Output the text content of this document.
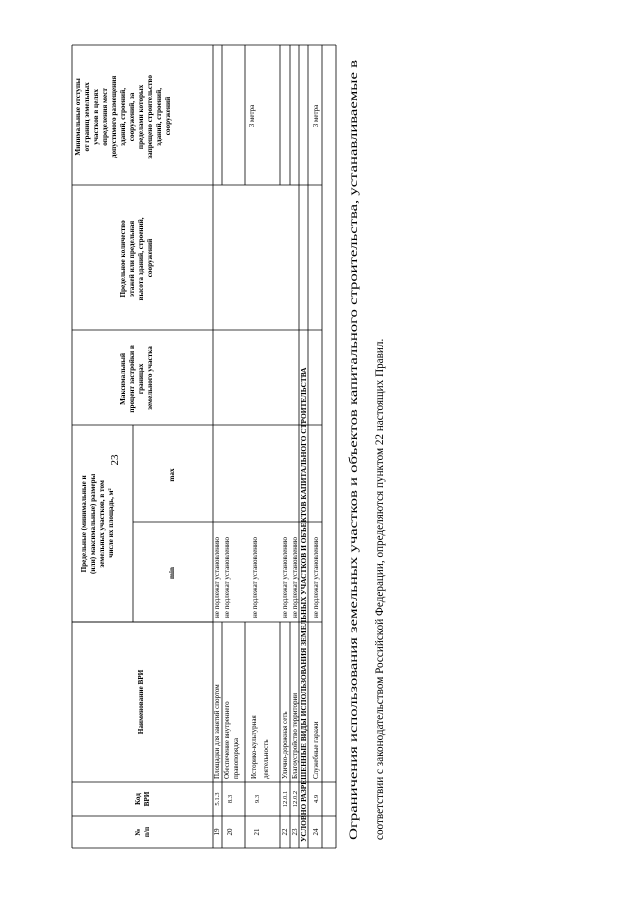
23
№п/п
КодВРИ
Наименование ВРИ
Предельные (минимальные и (или) максимальные) размеры земельных участков, в том числе их площадь, м²
min
max
Максимальный процент застройки в границах земельного участка
Предельное количество этажей или предельная высота зданий, строений, сооружений
Минимальные отступы от границ земельных участков в целях определения мест допустимого размещения зданий, строений, сооружений, за пределами которых запрещено строительство зданий, строений, сооружений
19
5.1.3
Площадки для занятий спортом
не подлежат установлению
20
8.3
Обеспечение внутреннегоправопорядка
не подлежат установлению
21
9.3
Историко-культурная деятельность
не подлежат установлению
22
12.0.1
Улично-дорожная сеть
не подлежат установлению
23
12.0.2
Благоустройство территории
не подлежат установлению
3 метра
УСЛОВНО РАЗРЕШЕННЫЕ ВИДЫ ИСПОЛЬЗОВАНИЯ ЗЕМЕЛЬНЫХ УЧАСТКОВ И ОБЪЕКТОВ КАПИТАЛЬНОГО СТРОИТЕЛЬСТВА 24
4.9
Служебные гаражи
не подлежат установлению
3 метра
Ограничения использования земельных участков и объектов капитального строительства, устанавливаемые в соответствии с законодательством Российской Федерации, определяются пунктом 22 настоящих Правил.
